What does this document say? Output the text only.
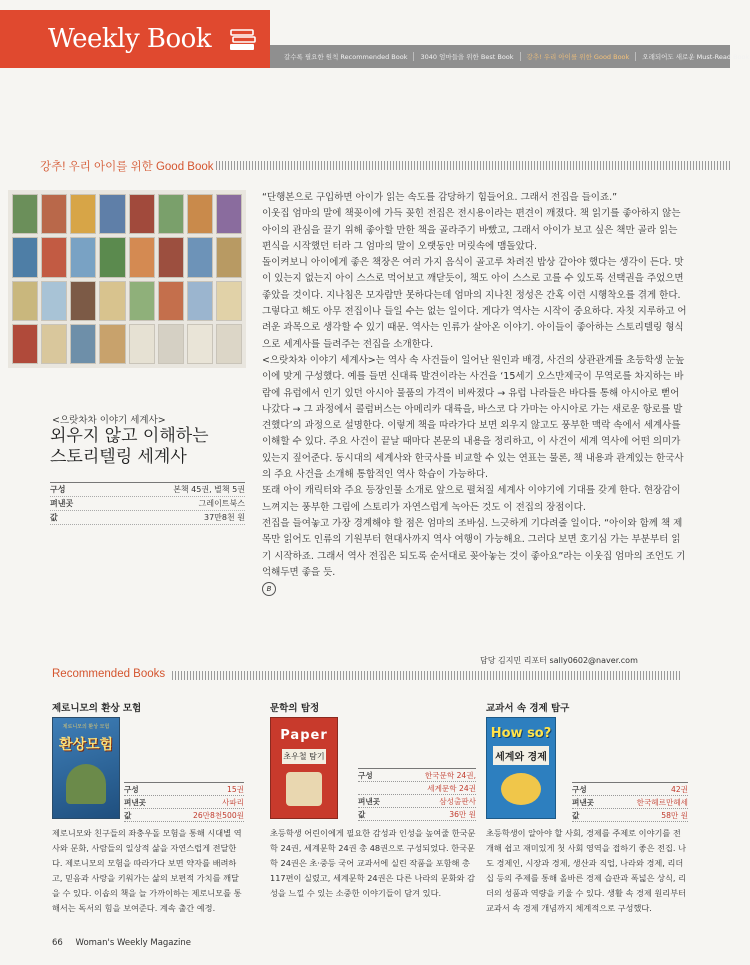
Weekly Book
갈수록 필요한 원칙 Recommended Book	3040 엄마들을 위한 Best Book	강추! 우리 아이를 위한 Good Book	오래되어도 새로운 Must-Read Book
강추! 우리 아이를 위한 Good Book
<으랏차차 이야기 세계사>
외우지 않고 이해하는
스토리텔링 세계사
구성	본책 45권, 별책 5권
펴낸곳	그레이트북스
값	37만8천 원

“단행본으로 구입하면 아이가 읽는 속도를 감당하기 힘들어요. 그래서 전집을 들이죠.”

이웃집 엄마의 말에 책꽂이에 가득 꽂힌 전집은 전시용이라는 편견이 깨졌다. 책 읽기를 좋아하지 않는 아이의 관심을 끌기 위해 좋아할 만한 책을 골라주기 바빴고, 그래서 아이가 보고 싶은 책만 골라 읽는 편식을 시작했던 터라 그 엄마의 말이 오랫동안 머릿속에 맴돌았다.

돌이켜보니 아이에게 좋은 책장은 여러 가지 음식이 골고루 차려진 밥상 같아야 했다는 생각이 든다. 맛이 있는지 없는지 아이 스스로 먹어보고 깨닫듯이, 책도 아이 스스로 고를 수 있도록 선택권을 주었으면 좋았을 것이다. 지나침은 모자람만 못하다는데 엄마의 지나친 정성은 간혹 이런 시행착오를 겪게 한다. 그렇다고 해도 아무 전집이나 들일 수는 없는 일이다. 게다가 역사는 시작이 중요하다. 자칫 지루하고 어려운 과목으로 생각할 수 있기 때문. 역사는 인류가 살아온 이야기. 아이들이 좋아하는 스토리텔링 형식으로 세계사를 들려주는 전집을 소개한다.

<으랏차차 이야기 세계사>는 역사 속 사건들이 일어난 원인과 배경, 사건의 상관관계를 초등학생 눈높이에 맞게 구성했다. 예를 들면 신대륙 발견이라는 사건을 ‘15세기 오스만제국이 무역로를 차지하는 바람에 유럽에서 인기 있던 아시아 물품의 가격이 비싸졌다 → 유럽 나라들은 바다를 통해 아시아로 뻗어 나갔다 → 그 과정에서 콜럼버스는 아메리카 대륙을, 바스코 다 가마는 아시아로 가는 새로운 항로를 발견했다’의 과정으로 설명한다. 이렇게 책을 따라가다 보면 외우지 않고도 풍부한 맥락 속에서 세계사를 이해할 수 있다. 주요 사건이 끝날 때마다 본문의 내용을 정리하고, 이 사건이 세계 역사에 어떤 의미가 있는지 짚어준다. 동시대의 세계사와 한국사를 비교할 수 있는 연표는 물론, 책 내용과 관계있는 한국사의 주요 사건을 소개해 통합적인 역사 학습이 가능하다.

또래 아이 캐릭터와 주요 등장인물 소개로 앞으로 펼쳐질 세계사 이야기에 기대를 갖게 한다. 현장감이 느껴지는 풍부한 그림에 스토리가 자연스럽게 녹아든 것도 이 전집의 장점이다.

전집을 들여놓고 가장 경계해야 할 점은 엄마의 조바심. 느긋하게 기다려줄 일이다. “아이와 함께 책 제목만 읽어도 인류의 기원부터 현대사까지 역사 여행이 가능해요. 그러다 보면 호기심 가는 부분부터 읽기 시작하죠. 그래서 역사 전집은 되도록 순서대로 꽂아놓는 것이 좋아요”라는 이웃집 엄마의 조언도 기억해두면 좋을 듯.

B
담당 김지민 리포터 sally0602@naver.com
Recommended Books
제로니모의 환상 모험
제로니모의 환상 모험
환상모험
구성	15권
펴낸곳	사파리
값	26만8천500원
제로니모와 친구들의 좌충우돌 모험을 통해 시대별 역사와 문화, 사람들의 일상적 삶을 자연스럽게 전달한다. 제로니모의 모험을 따라가다 보면 약자를 배려하고, 믿음과 사랑을 키워가는 삶의 보편적 가치를 깨달을 수 있다. 이솝의 책을 늘 가까이하는 제로니모를 통해서는 독서의 힘을 보여준다. 계속 출간 예정.
문학의 탐정
Paper
초우철 탐기
구성	한국문학 24권,
세계문학 24권
펴낸곳	삼성출판사
값	36만 원
초등학생 어린이에게 필요한 감성과 인성을 높여줄 한국문학 24권, 세계문학 24권 총 48권으로 구성되었다. 한국문학 24권은 초·중등 국어 교과서에 실린 작품을 포함해 총 117편이 실렸고, 세계문학 24권은 다른 나라의 문화와 감성을 느낄 수 있는 소중한 이야기들이 담겨 있다.
교과서 속 경제 탐구
How so?
세계와 경제
구성	42권
펴낸곳	한국헤르만헤세
값	58만 원
초등학생이 알아야 할 사회, 경제를 주제로 이야기를 전개해 쉽고 재미있게 첫 사회 영역을 접하기 좋은 전집. 나도 경제인, 시장과 경제, 생산과 직업, 나라와 경제, 리더십 등의 주제를 통해 올바른 경제 습관과 폭넓은 상식, 리더의 성품과 역량을 키울 수 있다. 생활 속 경제 원리부터 교과서 속 경제 개념까지 체계적으로 구성했다.
66 Woman's Weekly Magazine
